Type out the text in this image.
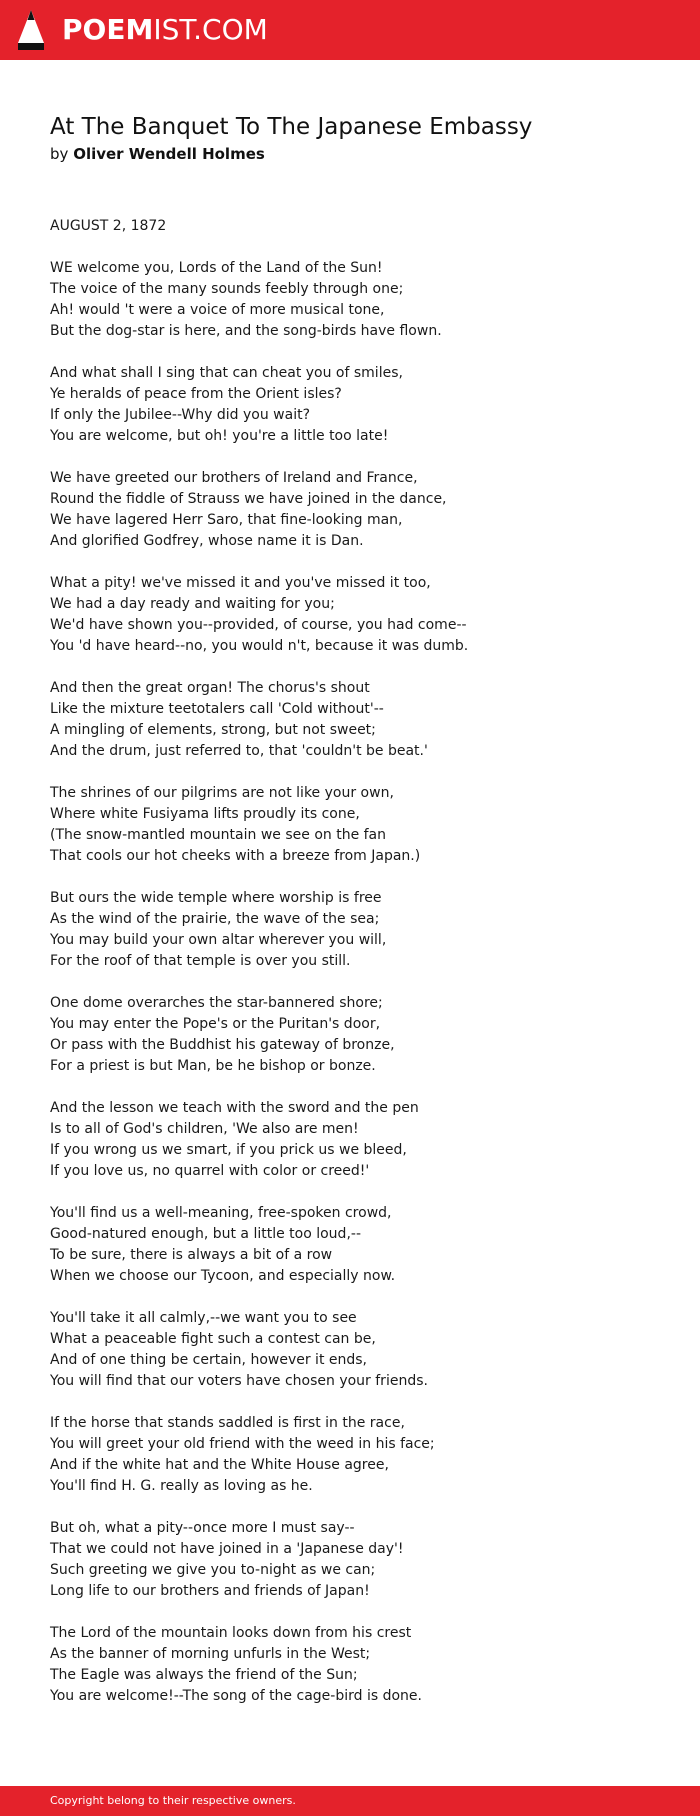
POEMIST.COM
At The Banquet To The Japanese Embassy
by Oliver Wendell Holmes
AUGUST 2, 1872
WE welcome you, Lords of the Land of the Sun!
The voice of the many sounds feebly through one;
Ah! would 't were a voice of more musical tone,
But the dog-star is here, and the song-birds have flown.
And what shall I sing that can cheat you of smiles,
Ye heralds of peace from the Orient isles?
If only the Jubilee--Why did you wait?
You are welcome, but oh! you're a little too late!
We have greeted our brothers of Ireland and France,
Round the fiddle of Strauss we have joined in the dance,
We have lagered Herr Saro, that fine-looking man,
And glorified Godfrey, whose name it is Dan.
What a pity! we've missed it and you've missed it too,
We had a day ready and waiting for you;
We'd have shown you--provided, of course, you had come--
You 'd have heard--no, you would n't, because it was dumb.
And then the great organ! The chorus's shout
Like the mixture teetotalers call 'Cold without'--
A mingling of elements, strong, but not sweet;
And the drum, just referred to, that 'couldn't be beat.'
The shrines of our pilgrims are not like your own,
Where white Fusiyama lifts proudly its cone,
(The snow-mantled mountain we see on the fan
That cools our hot cheeks with a breeze from Japan.)
But ours the wide temple where worship is free
As the wind of the prairie, the wave of the sea;
You may build your own altar wherever you will,
For the roof of that temple is over you still.
One dome overarches the star-bannered shore;
You may enter the Pope's or the Puritan's door,
Or pass with the Buddhist his gateway of bronze,
For a priest is but Man, be he bishop or bonze.
And the lesson we teach with the sword and the pen
Is to all of God's children, 'We also are men!
If you wrong us we smart, if you prick us we bleed,
If you love us, no quarrel with color or creed!'
You'll find us a well-meaning, free-spoken crowd,
Good-natured enough, but a little too loud,--
To be sure, there is always a bit of a row
When we choose our Tycoon, and especially now.
You'll take it all calmly,--we want you to see
What a peaceable fight such a contest can be,
And of one thing be certain, however it ends,
You will find that our voters have chosen your friends.
If the horse that stands saddled is first in the race,
You will greet your old friend with the weed in his face;
And if the white hat and the White House agree,
You'll find H. G. really as loving as he.
But oh, what a pity--once more I must say--
That we could not have joined in a 'Japanese day'!
Such greeting we give you to-night as we can;
Long life to our brothers and friends of Japan!
The Lord of the mountain looks down from his crest
As the banner of morning unfurls in the West;
The Eagle was always the friend of the Sun;
You are welcome!--The song of the cage-bird is done.
Copyright belong to their respective owners.
